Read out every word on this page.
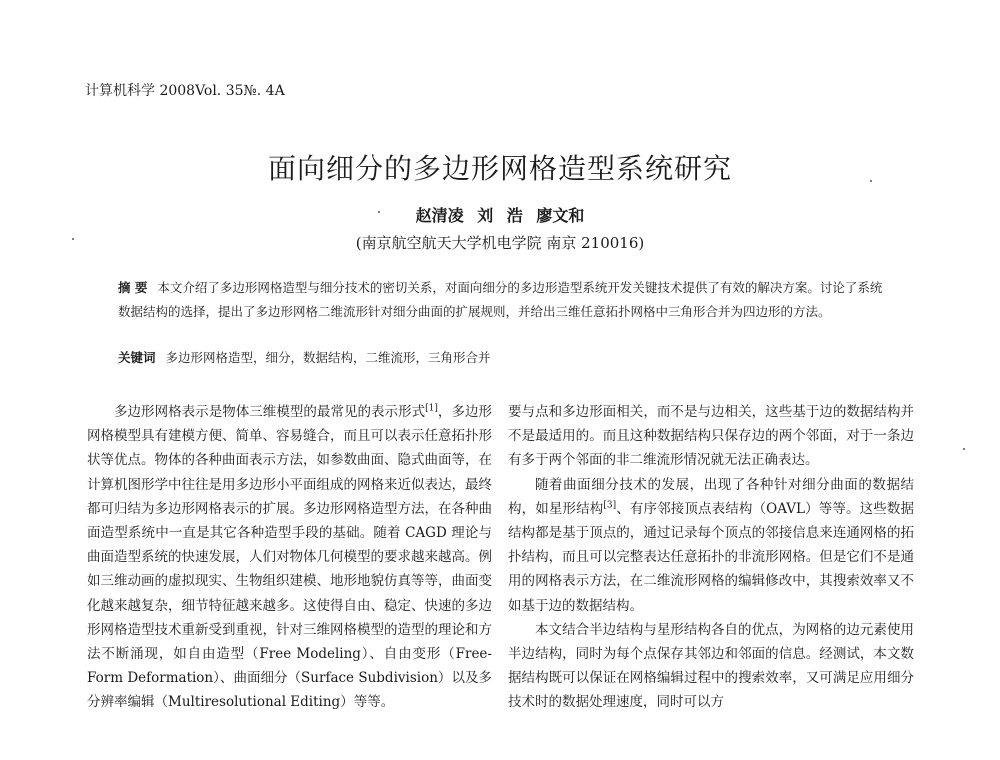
计算机科学 2008Vol. 35№. 4A
面向细分的多边形网格造型系统研究
赵清凌 刘 浩 廖文和
(南京航空航天大学机电学院 南京 210016)
摘 要 本文介绍了多边形网格造型与细分技术的密切关系，对面向细分的多边形造型系统开发关键技术提供了有效的解决方案。讨论了系统数据结构的选择，提出了多边形网格二维流形针对细分曲面的扩展规则，并给出三维任意拓扑网格中三角形合并为四边形的方法。
关键词 多边形网格造型，细分，数据结构，二维流形，三角形合并

多边形网格表示是物体三维模型的最常见的表示形式[1]，多边形网格模型具有建模方便、简单、容易缝合，而且可以表示任意拓扑形状等优点。物体的各种曲面表示方法，如参数曲面、隐式曲面等，在计算机图形学中往往是用多边形小平面组成的网格来近似表达，最终都可归结为多边形网格表示的扩展。多边形网格造型方法，在各种曲面造型系统中一直是其它各种造型手段的基础。随着 CAGD 理论与曲面造型系统的快速发展，人们对物体几何模型的要求越来越高。例如三维动画的虚拟现实、生物组织建模、地形地貌仿真等等，曲面变化越来越复杂，细节特征越来越多。这使得自由、稳定、快速的多边形网格造型技术重新受到重视，针对三维网格模型的造型的理论和方法不断涌现，如自由造型（Free Modeling）、自由变形（Free-Form Deformation）、曲面细分（Surface Subdivision）以及多分辨率编辑（Multiresolutional Editing）等等。

要与点和多边形面相关，而不是与边相关，这些基于边的数据结构并不是最适用的。而且这种数据结构只保存边的两个邻面，对于一条边有多于两个邻面的非二维流形情况就无法正确表达。

随着曲面细分技术的发展，出现了各种针对细分曲面的数据结构，如星形结构[3]、有序邻接顶点表结构（OAVL）等等。这些数据结构都是基于顶点的，通过记录每个顶点的邻接信息来连通网格的拓扑结构，而且可以完整表达任意拓扑的非流形网格。但是它们不是通用的网格表示方法，在二维流形网格的编辑修改中，其搜索效率又不如基于边的数据结构。

本文结合半边结构与星形结构各自的优点，为网格的边元素使用半边结构，同时为每个点保存其邻边和邻面的信息。经测试，本文数据结构既可以保证在网格编辑过程中的搜索效率，又可满足应用细分技术时的数据处理速度，同时可以方
